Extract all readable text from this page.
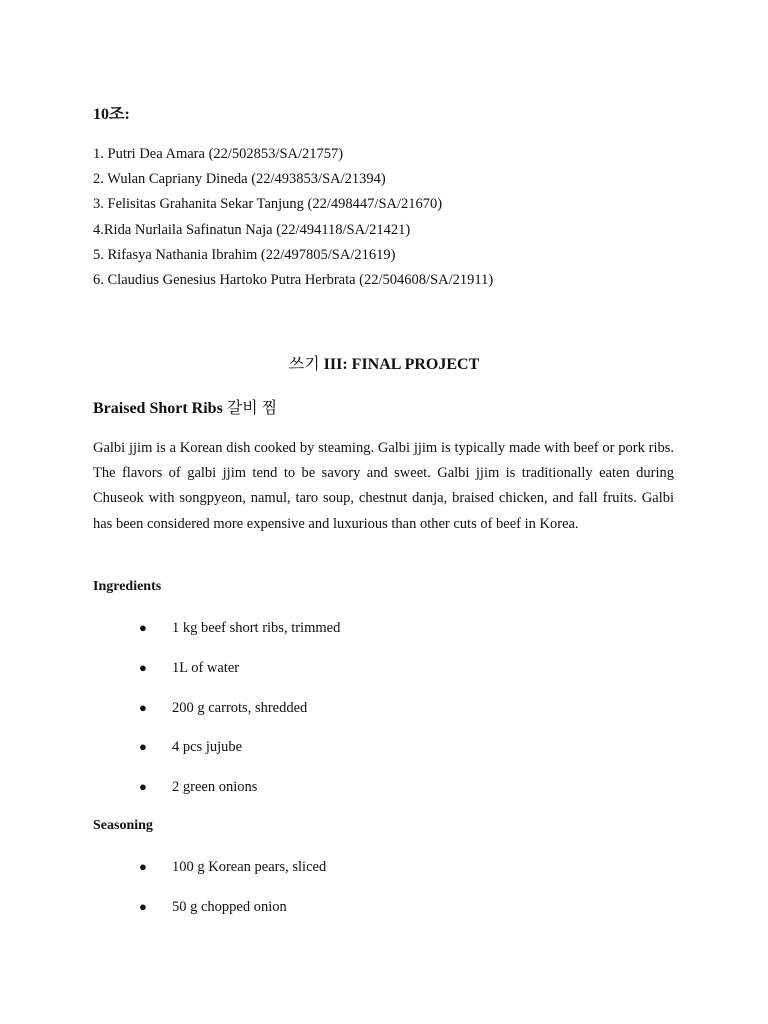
10조:
1. Putri Dea Amara (22/502853/SA/21757)
2. Wulan Capriany Dineda (22/493853/SA/21394)
3. Felisitas Grahanita Sekar Tanjung (22/498447/SA/21670)
4.Rida Nurlaila Safinatun Naja (22/494118/SA/21421)
5. Rifasya Nathania Ibrahim (22/497805/SA/21619)
6. Claudius Genesius Hartoko Putra Herbrata (22/504608/SA/21911)
쓰기 III: FINAL PROJECT
Braised Short Ribs 갈비 찜

Galbi jjim is a Korean dish cooked by steaming. Galbi jjim is typically made with beef or pork ribs. The flavors of galbi jjim tend to be savory and sweet. Galbi jjim is traditionally eaten during Chuseok with songpyeon, namul, taro soup, chestnut danja, braised chicken, and fall fruits. Galbi has been considered more expensive and luxurious than other cuts of beef in Korea.

Ingredients
● 1 kg beef short ribs, trimmed
● 1L of water
● 200 g carrots, shredded
● 4 pcs jujube
● 2 green onions
Seasoning
● 100 g Korean pears, sliced
● 50 g chopped onion
